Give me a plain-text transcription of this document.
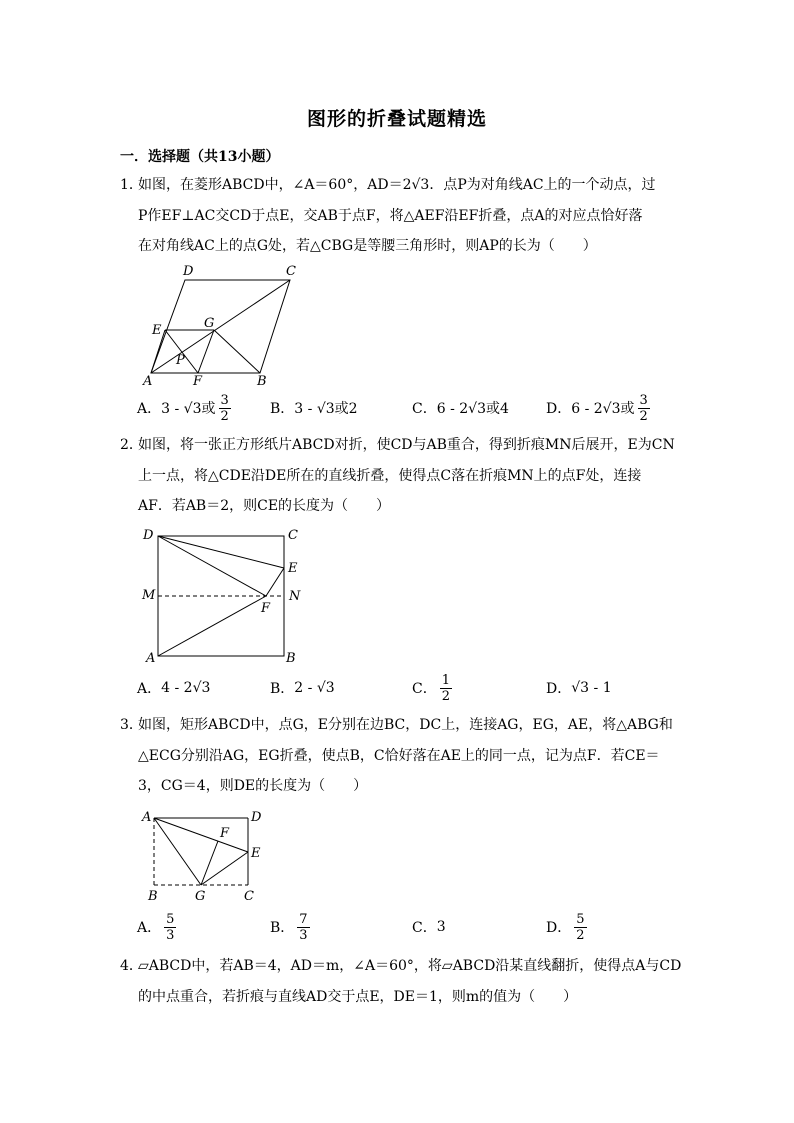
图形的折叠试题精选
一．选择题（共13小题）
1．
如图，在菱形ABCD中，∠A＝60°，AD＝2√3．点P为对角线AC上的一个动点，过
P作EF⊥AC交CD于点E，交AB于点F，将△AEF沿EF折叠，点A的对应点恰好落
在对角线AC上的点G处，若△CBG是等腰三角形时，则AP的长为（　　）
D	C
E	G
P
A	F	B
A． 3 - √3或 $\frac{3}{2}$	B． 3 - √3或2	C． 6 - 2√3或4	D． 6 - 2√3或 $\frac{3}{2}$
2．
如图，将一张正方形纸片ABCD对折，使CD与AB重合，得到折痕MN后展开，E为CN
上一点，将△CDE沿DE所在的直线折叠，使得点C落在折痕MN上的点F处，连接
AF．若AB＝2，则CE的长度为（　　）
D	C
E
M
F
N
A	B
A． 4 - 2√3	B． 2 - √3	C． $\frac{1}{2}$	D． √3 - 1
3．
如图，矩形ABCD中，点G，E分别在边BC，DC上，连接AG，EG，AE，将△ABG和
△ECG分别沿AG，EG折叠，使点B，C恰好落在AE上的同一点，记为点F．若CE＝
3，CG＝4，则DE的长度为（　　）
A	D
F
E
B	G	C
A． $\frac{5}{3}$	B． $\frac{7}{3}$	C． 3	D． $\frac{5}{2}$
4．
▱ABCD中，若AB＝4，AD＝m，∠A＝60°，将▱ABCD沿某直线翻折，使得点A与CD
的中点重合，若折痕与直线AD交于点E，DE＝1，则m的值为（　　）
